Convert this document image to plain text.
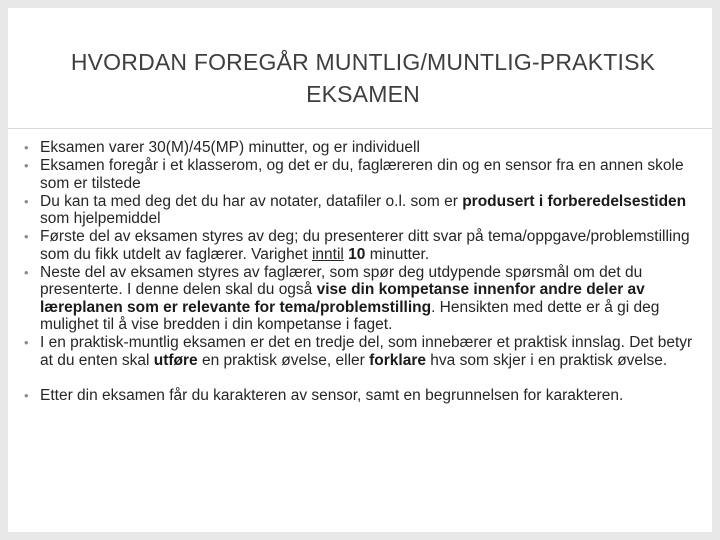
HVORDAN FOREGÅR MUNTLIG/MUNTLIG-PRAKTISK EKSAMEN
• Eksamen varer 30(M)/45(MP) minutter, og er individuell
• Eksamen foregår i et klasserom, og det er du, faglæreren din og en sensor fra en annen skole som er tilstede
• Du kan ta med deg det du har av notater, datafiler o.l. som er produsert i forberedelsestiden som hjelpemiddel
• Første del av eksamen styres av deg; du presenterer ditt svar på tema/oppgave/problemstilling som du fikk utdelt av faglærer. Varighet inntil 10 minutter.
• Neste del av eksamen styres av faglærer, som spør deg utdypende spørsmål om det du presenterte. I denne delen skal du også vise din kompetanse innenfor andre deler av læreplanen som er relevante for tema/problemstilling. Hensikten med dette er å gi deg mulighet til å vise bredden i din kompetanse i faget.
• I en praktisk-muntlig eksamen er det en tredje del, som innebærer et praktisk innslag. Det betyr at du enten skal utføre en praktisk øvelse, eller forklare hva som skjer i en praktisk øvelse.
• Etter din eksamen får du karakteren av sensor, samt en begrunnelsen for karakteren.
